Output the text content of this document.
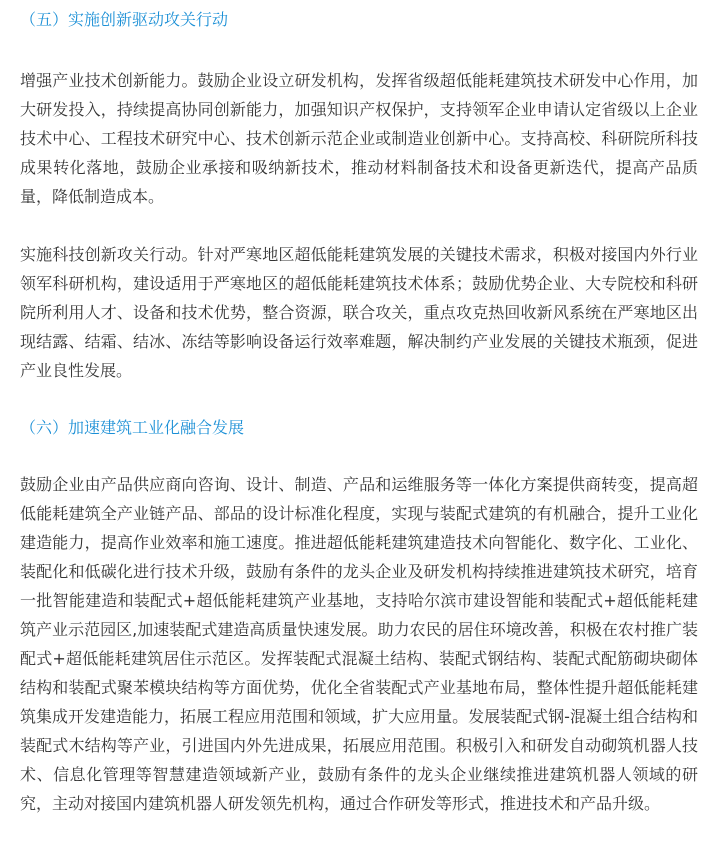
（五）实施创新驱动攻关行动

增强产业技术创新能力。鼓励企业设立研发机构，发挥省级超低能耗建筑技术研发中心作用，加大研发投入，持续提高协同创新能力，加强知识产权保护，支持领军企业申请认定省级以上企业技术中心、工程技术研究中心、技术创新示范企业或制造业创新中心。支持高校、科研院所科技成果转化落地，鼓励企业承接和吸纳新技术，推动材料制备技术和设备更新迭代，提高产品质量，降低制造成本。

实施科技创新攻关行动。针对严寒地区超低能耗建筑发展的关键技术需求，积极对接国内外行业领军科研机构，建设适用于严寒地区的超低能耗建筑技术体系；鼓励优势企业、大专院校和科研院所利用人才、设备和技术优势，整合资源，联合攻关，重点攻克热回收新风系统在严寒地区出现结露、结霜、结冰、冻结等影响设备运行效率难题，解决制约产业发展的关键技术瓶颈，促进产业良性发展。

（六）加速建筑工业化融合发展

鼓励企业由产品供应商向咨询、设计、制造、产品和运维服务等一体化方案提供商转变，提高超低能耗建筑全产业链产品、部品的设计标准化程度，实现与装配式建筑的有机融合，提升工业化建造能力，提高作业效率和施工速度。推进超低能耗建筑建造技术向智能化、数字化、工业化、装配化和低碳化进行技术升级，鼓励有条件的龙头企业及研发机构持续推进建筑技术研究，培育一批智能建造和装配式+超低能耗建筑产业基地，支持哈尔滨市建设智能和装配式+超低能耗建筑产业示范园区,加速装配式建造高质量快速发展。助力农民的居住环境改善，积极在农村推广装配式+超低能耗建筑居住示范区。发挥装配式混凝土结构、装配式钢结构、装配式配筋砌块砌体结构和装配式聚苯模块结构等方面优势，优化全省装配式产业基地布局，整体性提升超低能耗建筑集成开发建造能力，拓展工程应用范围和领域，扩大应用量。发展装配式钢-混凝土组合结构和装配式木结构等产业，引进国内外先进成果，拓展应用范围。积极引入和研发自动砌筑机器人技术、信息化管理等智慧建造领域新产业，鼓励有条件的龙头企业继续推进建筑机器人领域的研究，主动对接国内建筑机器人研发领先机构，通过合作研发等形式，推进技术和产品升级。
